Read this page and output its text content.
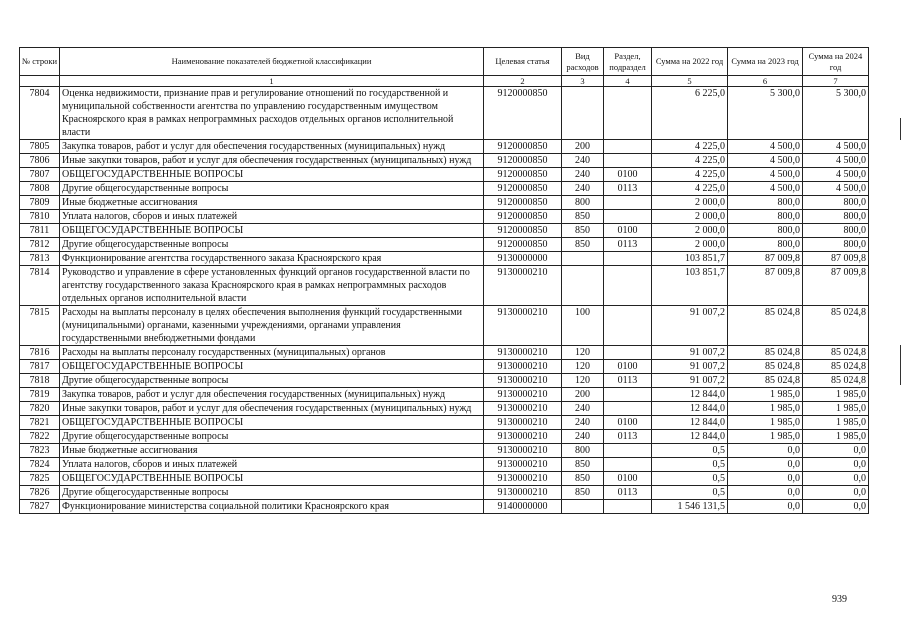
№ строки	Наименование показателей бюджетной классификации	Целевая статья	Вид расходов	Раздел, подраздел	Сумма на 2022 год	Сумма на 2023 год	Сумма на 2024 год
	1	2	3	4	5	6	7
7804	Оценка недвижимости, признание прав и регулирование отношений по государственной и муниципальной собственности агентства по управлению государственным имуществом Красноярского края в рамках непрограммных расходов отдельных органов исполнительной власти	9120000850			6 225,0	5 300,0	5 300,0
7805	Закупка товаров, работ и услуг для обеспечения государственных (муниципальных) нужд	9120000850	200		4 225,0	4 500,0	4 500,0
7806	Иные закупки товаров, работ и услуг для обеспечения государственных (муниципальных) нужд	9120000850	240		4 225,0	4 500,0	4 500,0
7807	ОБЩЕГОСУДАРСТВЕННЫЕ ВОПРОСЫ	9120000850	240	0100	4 225,0	4 500,0	4 500,0
7808	Другие общегосударственные вопросы	9120000850	240	0113	4 225,0	4 500,0	4 500,0
7809	Иные бюджетные ассигнования	9120000850	800		2 000,0	800,0	800,0
7810	Уплата налогов, сборов и иных платежей	9120000850	850		2 000,0	800,0	800,0
7811	ОБЩЕГОСУДАРСТВЕННЫЕ ВОПРОСЫ	9120000850	850	0100	2 000,0	800,0	800,0
7812	Другие общегосударственные вопросы	9120000850	850	0113	2 000,0	800,0	800,0
7813	Функционирование агентства государственного заказа Красноярского края	9130000000			103 851,7	87 009,8	87 009,8
7814	Руководство и управление в сфере установленных функций органов государственной власти по агентству государственного заказа Красноярского края в рамках непрограммных расходов отдельных органов исполнительной власти	9130000210			103 851,7	87 009,8	87 009,8
7815	Расходы на выплаты персоналу в целях обеспечения выполнения функций государственными (муниципальными) органами, казенными учреждениями, органами управления государственными внебюджетными фондами	9130000210	100		91 007,2	85 024,8	85 024,8
7816	Расходы на выплаты персоналу государственных (муниципальных) органов	9130000210	120		91 007,2	85 024,8	85 024,8
7817	ОБЩЕГОСУДАРСТВЕННЫЕ ВОПРОСЫ	9130000210	120	0100	91 007,2	85 024,8	85 024,8
7818	Другие общегосударственные вопросы	9130000210	120	0113	91 007,2	85 024,8	85 024,8
7819	Закупка товаров, работ и услуг для обеспечения государственных (муниципальных) нужд	9130000210	200		12 844,0	1 985,0	1 985,0
7820	Иные закупки товаров, работ и услуг для обеспечения государственных (муниципальных) нужд	9130000210	240		12 844,0	1 985,0	1 985,0
7821	ОБЩЕГОСУДАРСТВЕННЫЕ ВОПРОСЫ	9130000210	240	0100	12 844,0	1 985,0	1 985,0
7822	Другие общегосударственные вопросы	9130000210	240	0113	12 844,0	1 985,0	1 985,0
7823	Иные бюджетные ассигнования	9130000210	800		0,5	0,0	0,0
7824	Уплата налогов, сборов и иных платежей	9130000210	850		0,5	0,0	0,0
7825	ОБЩЕГОСУДАРСТВЕННЫЕ ВОПРОСЫ	9130000210	850	0100	0,5	0,0	0,0
7826	Другие общегосударственные вопросы	9130000210	850	0113	0,5	0,0	0,0
7827	Функционирование министерства социальной политики Красноярского края	9140000000			1 546 131,5	0,0	0,0
939
